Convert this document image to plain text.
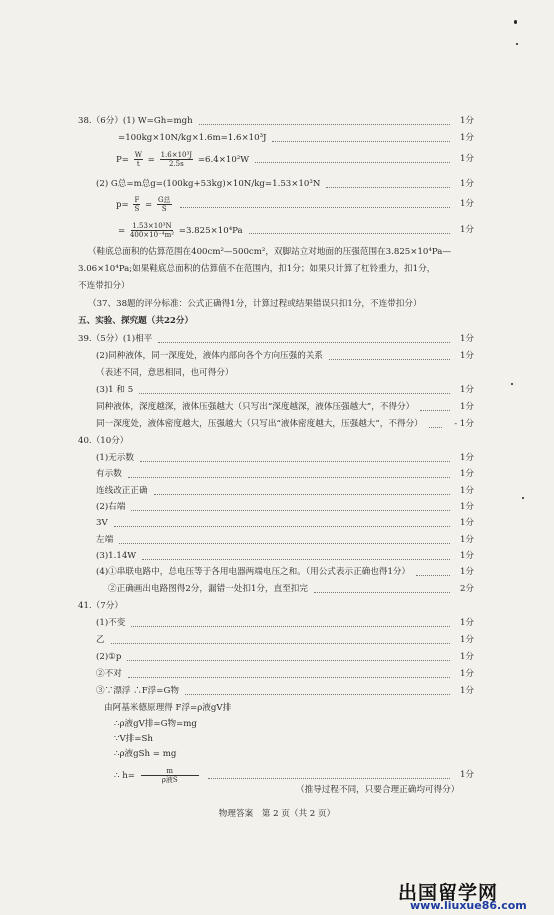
38.（6分）(1) W=Gh=mgh	1分
=100kg×10N/kg×1.6m=1.6×10³J	1分
$P= \frac{W}{t} = \frac{\text{1.6×10³J}}{2.5s} =6.4\times 10^2W$	1分
(2) G总=m总g=(100kg+53kg)×10N/kg=1.53×10³N	1分
$p= \frac{F}{S} = \frac{\text{G总}}{S}$	1分
= $\frac{\text{1.53×10³N}}{\text{400×10⁻⁴m²}} =3.825\times 10^4Pa$	1分
（鞋底总面积的估算范围在400cm²—500cm²，双脚站立对地面的压强范围在3.825×10⁴Pa—
3.06×10⁴Pa;如果鞋底总面积的估算值不在范围内，扣1分；如果只计算了杠铃重力，扣1分，
不连带扣分）
（37、38题的评分标准：公式正确得1分，计算过程或结果错误只扣1分，不连带扣分）
五、实验、探究题（共22分）
39.（5分）(1)相平	1分
(2)同种液体，同一深度处，液体内部向各个方向压强的关系	1分
（表述不同，意思相同，也可得分）
(3)1 和 5	1分
同种液体，深度越深，液体压强越大（只写出“深度越深，液体压强越大”，不得分）	1分
同一深度处，液体密度越大，压强越大（只写出“液体密度越大，压强越大”，不得分）	- 1分
40.（10分）
(1)无示数	1分
有示数	1分
连线改正正确	1分
(2)右端	1分
3V	1分
左端	1分
(3)1.14W	1分
(4)①串联电路中，总电压等于各用电器两端电压之和。（用公式表示正确也得1分）	1分
②正确画出电路图得2分，漏错一处扣1分，直至扣完	2分
41.（7分）
(1)不变	1分
乙	1分
(2)①p	1分
②不对	1分
③∵漂浮 ∴F浮=G物	1分
由阿基米德原理得 F浮=ρ液gV排
∴ρ液gV排=G物=mg
∵V排=Sh
∴ρ液gSh = mg
∴ $h= \frac{m}{\text{ρ液S}}$	1分
（推导过程不同，只要合理正确均可得分）
物理答案　第 2 页（共 2 页）
出国留学网
www.liuxue86.com
